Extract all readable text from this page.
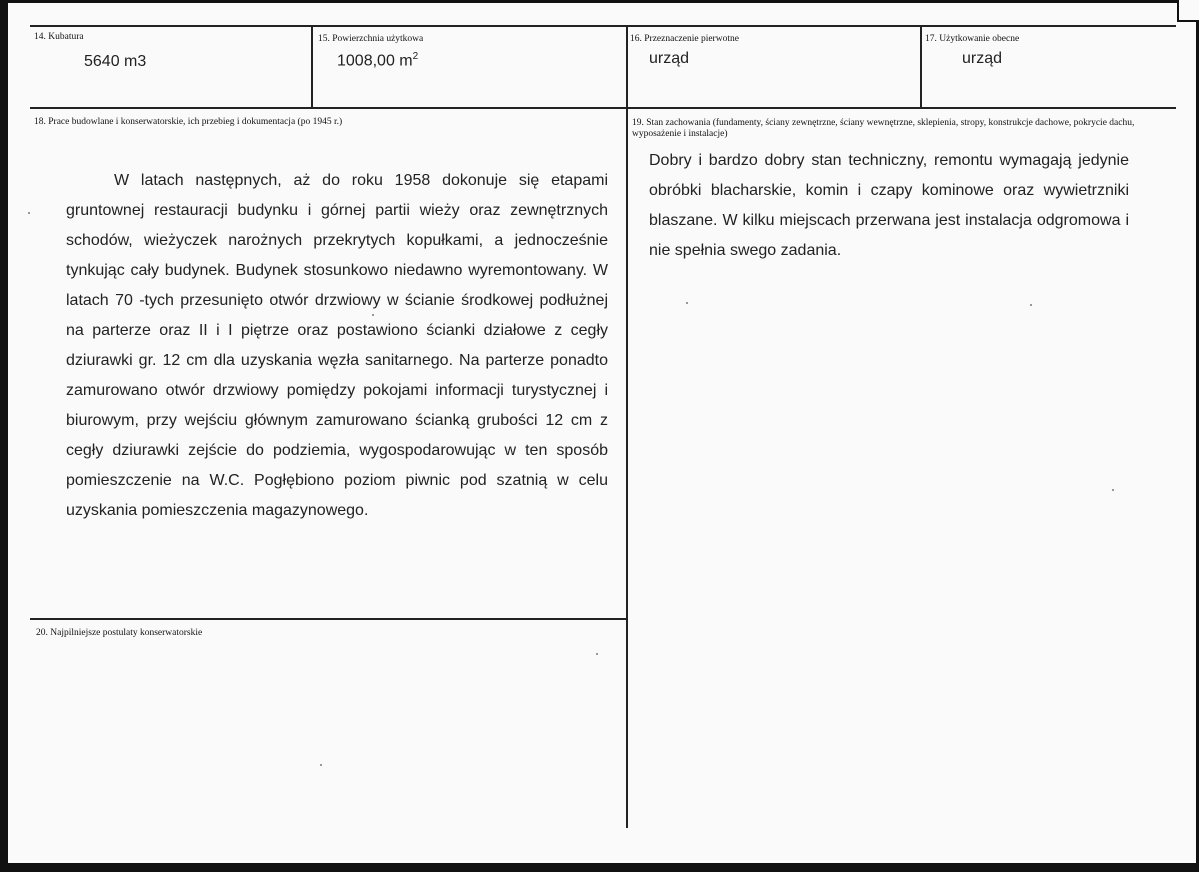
14. Kubatura
5640 m3
15. Powierzchnia użytkowa
1008,00 $m^2$
16. Przeznaczenie pierwotne
urząd
17. Użytkowanie obecne
urząd
18. Prace budowlane i konserwatorskie, ich przebieg i dokumentacja (po 1945 r.)

W latach następnych, aż do roku 1958 dokonuje się etapami gruntownej restauracji budynku i górnej partii wieży oraz zewnętrznych schodów, wieżyczek narożnych przekrytych kopułkami, a jednocześnie tynkując cały budynek. Budynek stosunkowo niedawno wyremontowany. W latach 70 -tych przesunięto otwór drzwiowy w ścianie środkowej podłużnej na parterze oraz II i I piętrze oraz postawiono ścianki działowe z cegły dziurawki gr. 12 cm dla uzyskania węzła sanitarnego. Na parterze ponadto zamurowano otwór drzwiowy pomiędzy pokojami informacji turystycznej i biurowym, przy wejściu głównym zamurowano ścianką grubości 12 cm z cegły dziurawki zejście do podziemia, wygospodarowując w ten sposób pomieszczenie na W.C. Pogłębiono poziom piwnic pod szatnią w celu uzyskania pomieszczenia magazynowego.

19. Stan zachowania (fundamenty, ściany zewnętrzne, ściany wewnętrzne, sklepienia, stropy, konstrukcje dachowe, pokrycie dachu, wyposażenie i instalacje)

Dobry i bardzo dobry stan techniczny, remontu wymagają jedynie obróbki blacharskie, komin i czapy kominowe oraz wywietrzniki blaszane. W kilku miejscach przerwana jest instalacja odgromowa i nie spełnia swego zadania.

20. Najpilniejsze postulaty konserwatorskie
